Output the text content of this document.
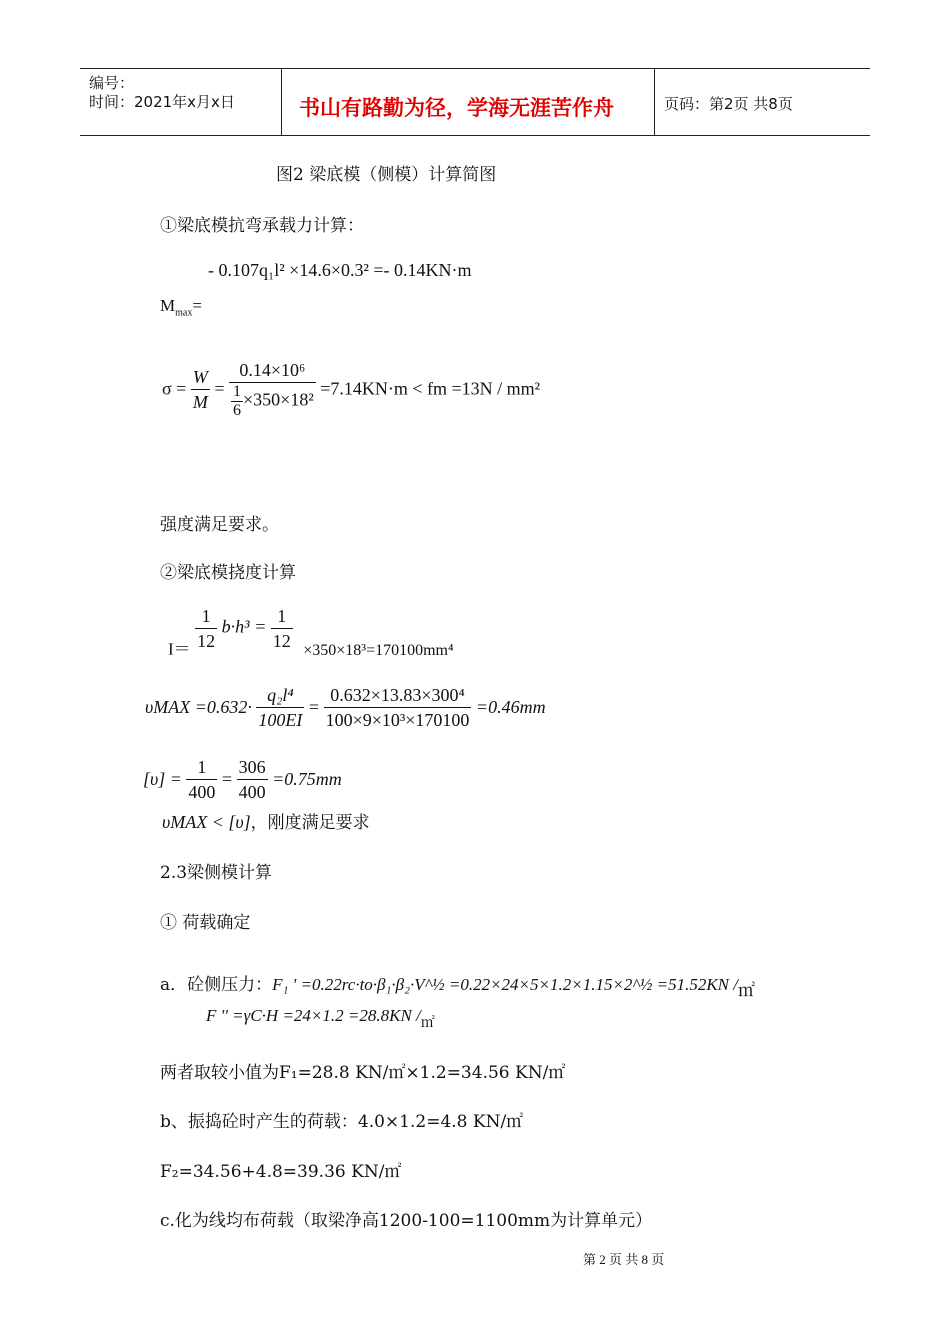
编号：
时间：2021年x月x日	书山有路勤为径，学海无涯苦作舟	页码：第2页 共8页
图2 梁底模（侧模）计算简图
①梁底模抗弯承载力计算：
- 0.107q₁l² ×14.6×0.3² =- 0.14KN·m
$M_{max}=$
$\sigma = \frac{W}{M} = \frac{\text{0.14×10⁶}}{\frac{1}{6} \times 350\times 18^2} =7.14KN\cdot m$ < fm =13N / mm²
强度满足要求。
②梁底模挠度计算
$I= \frac{1}{12} b\cdot h^3 = \frac{1}{12} \times 350\times 18^3=170100mm^4$
$\upsilon MAX =0.632\cdot \frac{\text{q₂l⁴}}{100EI} = \frac{\text{0.632×13.83×300⁴}}{\text{100×9×10³×170100}} =0.46mm$
$[\upsilon] = \frac{1}{400} = \frac{306}{400} =0.75mm$
υMAX < [υ]，刚度满足要求
2.3梁侧模计算
① 荷载确定
a．砼侧压力：F₁ ' =0.22rc·to·β₁·β₂·V^½ =0.22×24×5×1.2×1.15×2^½ =51.52KN /㎡
F '' =γC·H =24×1.2 =28.8KN /㎡
两者取较小值为F₁=28.8 KN/㎡×1.2=34.56 KN/㎡
b、振捣砼时产生的荷载：4.0×1.2=4.8 KN/㎡
F₂=34.56+4.8=39.36 KN/㎡
c.化为线均布荷载（取梁净高1200-100=1100mm为计算单元）
第 2 页 共 8 页
